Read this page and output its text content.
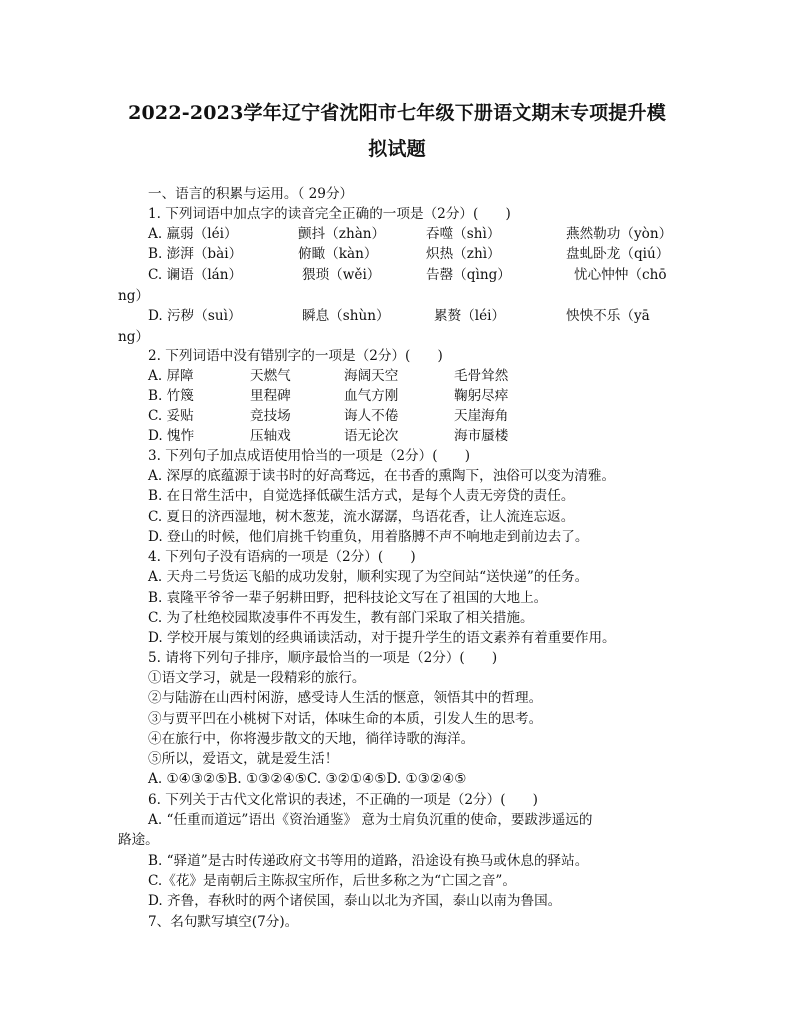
2022-2023学年辽宁省沈阳市七年级下册语文期末专项提升模
拟试题
一、语言的积累与运用。（ 29分）
1. 下列词语中加点字的读音完全正确的一项是（2分）(　　)
A. 羸弱（léi）	颤抖（zhàn）	吞噬（shì）	燕然勒功（yòn）
B. 澎湃（bài）	俯瞰（kàn）	炽热（zhì）	盘虬卧龙（qiú）
C. 谰语（lán）	猥琐（wěi）	告罄（qìng）	忧心忡忡（chō
ng）
D. 污秽（suì）	瞬息（shùn）	累赘（léi）	怏怏不乐（yā
ng）
2. 下列词语中没有错别字的一项是（2分）(　　)
A. 屏障	天燃气	海阔天空	毛骨耸然
B. 竹篾	里程碑	血气方刚	鞠躬尽瘁
C. 妥贴	竞技场	诲人不倦	天崖海角
D. 愧怍	压轴戏	语无论次	海市蜃楼
3. 下列句子加点成语使用恰当的一项是（2分）(　　)
A. 深厚的底蕴源于读书时的好高骛远，在书香的熏陶下，浊俗可以变为清雅。
B. 在日常生活中，自觉选择低碳生活方式，是每个人责无旁贷的责任。
C. 夏日的济西湿地，树木葱茏，流水潺潺，鸟语花香，让人流连忘返。
D. 登山的时候，他们肩挑千钧重负，用着胳膊不声不响地走到前边去了。
4. 下列句子没有语病的一项是（2分）(　　)
A. 天舟二号货运飞船的成功发射，顺利实现了为空间站“送快递”的任务。
B. 袁隆平爷爷一辈子躬耕田野，把科技论文写在了祖国的大地上。
C. 为了杜绝校园欺凌事件不再发生，教有部门采取了相关措施。
D. 学校开展与策划的经典诵读活动，对于提升学生的语文素养有着重要作用。
5. 请将下列句子排序，顺序最恰当的一项是（2分）(　　)
①语文学习，就是一段精彩的旅行。
②与陆游在山西村闲游，感受诗人生活的惬意，领悟其中的哲理。
③与贾平凹在小桃树下对话，体味生命的本质，引发人生的思考。
④在旅行中，你将漫步散文的天地，徜徉诗歌的海洋。
⑤所以，爱语文，就是爱生活！
A. ①④③②⑤B. ①③②④⑤C. ③②①④⑤D. ①③②④⑤
6. 下列关于古代文化常识的表述，不正确的一项是（2分）(　　)
A. “任重而道远”语出《资治通鉴》 意为士肩负沉重的使命，要跋涉遥远的
路途。
B. “驿道”是古时传递政府文书等用的道路，沿途设有换马或休息的驿站。
C.《花》是南朝后主陈叔宝所作，后世多称之为“亡国之音”。
D. 齐鲁，春秋时的两个诸侯国，泰山以北为齐国，泰山以南为鲁国。
7、名句默写填空(7分)。
